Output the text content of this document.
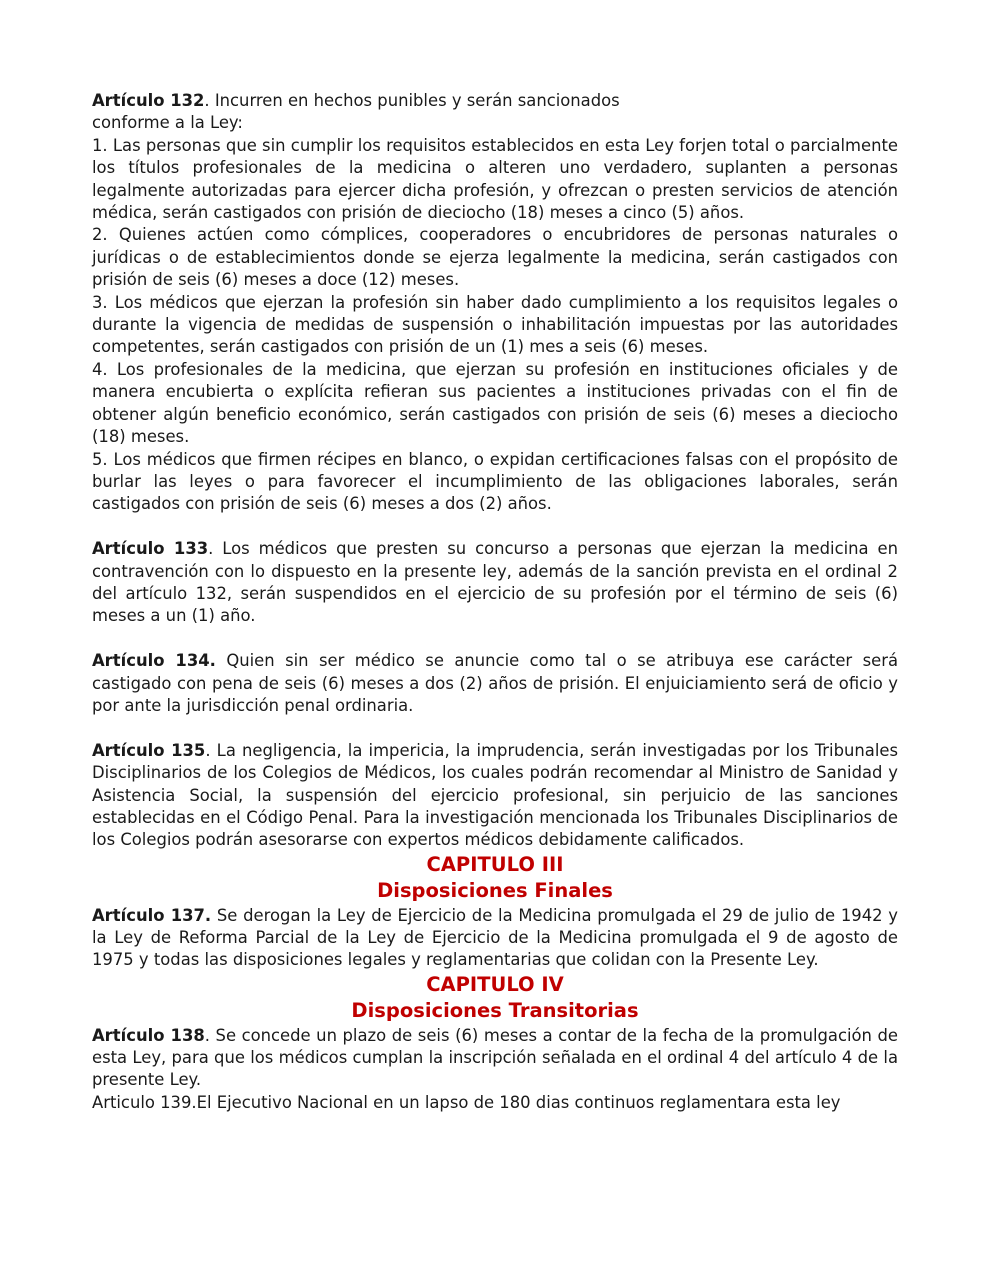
Artículo 132. Incurren en hechos punibles y serán sancionados

conforme a la Ley:

1. Las personas que sin cumplir los requisitos establecidos en esta Ley forjen total o parcialmente los títulos profesionales de la medicina o alteren uno verdadero, suplanten a personas legalmente autorizadas para ejercer dicha profesión, y ofrezcan o presten servicios de atención médica, serán castigados con prisión de dieciocho (18) meses a cinco (5) años.

2. Quienes actúen como cómplices, cooperadores o encubridores de personas naturales o jurídicas o de establecimientos donde se ejerza legalmente la medicina, serán castigados con prisión de seis (6) meses a doce (12) meses.

3. Los médicos que ejerzan la profesión sin haber dado cumplimiento a los requisitos legales o durante la vigencia de medidas de suspensión o inhabilitación impuestas por las autoridades competentes, serán castigados con prisión de un (1) mes a seis (6) meses.

4. Los profesionales de la medicina, que ejerzan su profesión en instituciones oficiales y de manera encubierta o explícita refieran sus pacientes a instituciones privadas con el fin de obtener algún beneficio económico, serán castigados con prisión de seis (6) meses a dieciocho (18) meses.

5. Los médicos que firmen récipes en blanco, o expidan certificaciones falsas con el propósito de burlar las leyes o para favorecer el incumplimiento de las obligaciones laborales, serán castigados con prisión de seis (6) meses a dos (2) años.

Artículo 133. Los médicos que presten su concurso a personas que ejerzan la medicina en contravención con lo dispuesto en la presente ley, además de la sanción prevista en el ordinal 2 del artículo 132, serán suspendidos en el ejercicio de su profesión por el término de seis (6) meses a un (1) año.

Artículo 134. Quien sin ser médico se anuncie como tal o se atribuya ese carácter será castigado con pena de seis (6) meses a dos (2) años de prisión. El enjuiciamiento será de oficio y por ante la jurisdicción penal ordinaria.

Artículo 135. La negligencia, la impericia, la imprudencia, serán investigadas por los Tribunales Disciplinarios de los Colegios de Médicos, los cuales podrán recomendar al Ministro de Sanidad y Asistencia Social, la suspensión del ejercicio profesional, sin perjuicio de las sanciones establecidas en el Código Penal. Para la investigación mencionada los Tribunales Disciplinarios de los Colegios podrán asesorarse con expertos médicos debidamente calificados.

CAPITULO III

Disposiciones Finales

Artículo 137. Se derogan la Ley de Ejercicio de la Medicina promulgada el 29 de julio de 1942 y la Ley de Reforma Parcial de la Ley de Ejercicio de la Medicina promulgada el 9 de agosto de 1975 y todas las disposiciones legales y reglamentarias que colidan con la Presente Ley.

CAPITULO IV

Disposiciones Transitorias

Artículo 138. Se concede un plazo de seis (6) meses a contar de la fecha de la promulgación de esta Ley, para que los médicos cumplan la inscripción señalada en el ordinal 4 del artículo 4 de la presente Ley.

Articulo 139.El Ejecutivo Nacional en un lapso de 180 dias continuos reglamentara esta ley
